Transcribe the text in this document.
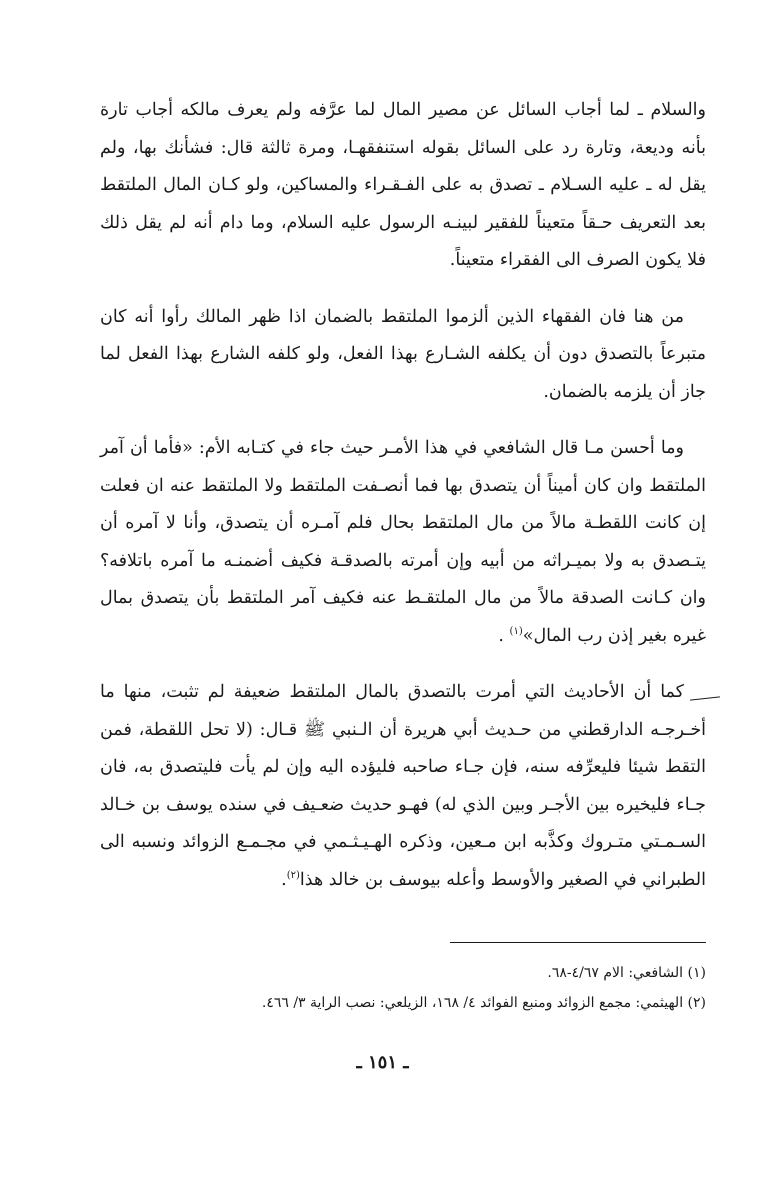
والسلام ـ لما أجاب السائل عن مصير المال لما عرَّفه ولم يعرف مالكه أجاب تارة بأنه وديعة، وتارة رد على السائل بقوله استنفقهـا، ومرة ثالثة قال: فشأنك بها، ولم يقل له ـ عليه السـلام ـ تصدق به على الفـقـراء والمساكين، ولو كـان المال الملتقط بعد التعريف حـقاً متعيناً للفقير لبينـه الرسول عليه السلام، وما دام أنه لم يقل ذلك فلا يكون الصرف الى الفقراء متعيناً.

من هنا فان الفقهاء الذين ألزموا الملتقط بالضمان اذا ظهر المالك رأوا أنه كان متبرعاً بالتصدق دون أن يكلفه الشـارع بهذا الفعل، ولو كلفه الشارع بهذا الفعل لما جاز أن يلزمه بالضمان.

وما أحسن مـا قال الشافعي في هذا الأمـر حيث جاء في كتـابه الأم: «فأما أن آمر الملتقط وان كان أميناً أن يتصدق بها فما أنصـفت الملتقط ولا الملتقط عنه ان فعلت إن كانت اللقطـة مالاً من مال الملتقط بحال فلم آمـره أن يتصدق، وأنا لا آمره أن يتـصدق به ولا بميـراثه من أبيه وإن أمرته بالصدقـة فكيف أضمنـه ما آمره باتلافه؟ وان كـانت الصدقة مالاً من مال الملتقـط عنه فكيف آمر الملتقط بأن يتصدق بمال غيره بغير إذن رب المال»$^{(١)}$ .

كما أن الأحاديث التي أمرت بالتصدق بالمال الملتقط ضعيفة لم تثبت، منها ما أخـرجـه الدارقطني من حـديث أبي هريرة أن الـنبي ﷺ قـال: (لا تحل اللقطة، فمن التقط شيئا فليعرِّفه سنه، فإن جـاء صاحبه فليؤده اليه وإن لم يأت فليتصدق به، فان جـاء فليخيره بين الأجـر وبين الذي له) فهـو حديث ضعـيف في سنده يوسف بن خـالد السـمـتي متـروك وكذَّبه ابن مـعين، وذكره الهـيـثـمي في مجـمـع الزوائد ونسبه الى الطبراني في الصغير والأوسط وأعله بيوسف بن خالد هذا$^{(٢)}$.

(١) الشافعي: الام ٤/٦٧-٦٨.
(٢) الهيثمي: مجمع الزوائد ومنبع الفوائد ٤/ ١٦٨، الزيلعي: نصب الراية ٣/ ٤٦٦.
ـ ١٥١ ـ
